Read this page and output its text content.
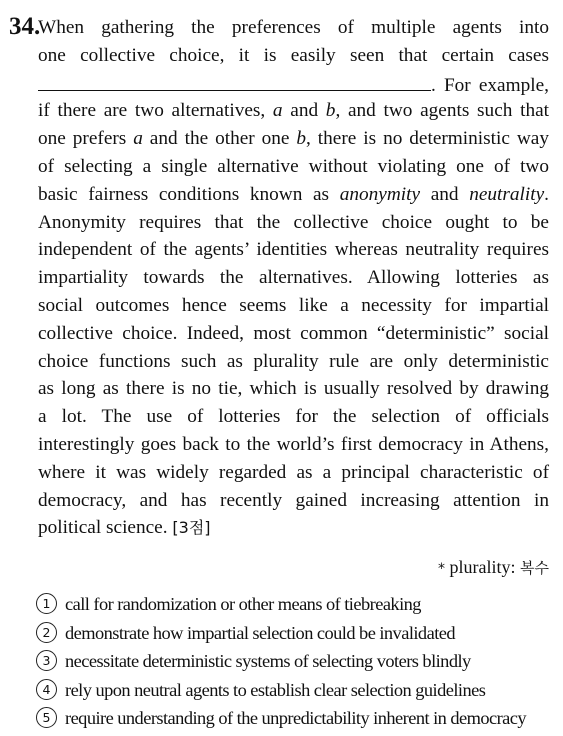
34.
When gathering the preferences of multiple agents into
one collective choice, it is easily seen that certain cases
. For example,
if there are two alternatives, a and b, and two agents such that
one prefers a and the other one b, there is no deterministic way
of selecting a single alternative without violating one of two
basic fairness conditions known as anonymity and neutrality.
Anonymity requires that the collective choice ought to be
independent of the agents’ identities whereas neutrality requires
impartiality towards the alternatives. Allowing lotteries as
social outcomes hence seems like a necessity for impartial
collective choice. Indeed, most common “deterministic” social
choice functions such as plurality rule are only deterministic
as long as there is no tie, which is usually resolved by drawing
a lot. The use of lotteries for the selection of officials
interestingly goes back to the world’s first democracy in Athens,
where it was widely regarded as a principal characteristic of
democracy, and has recently gained increasing attention in
political science. [3점]
* plurality: 복수
1 call for randomization or other means of tiebreaking
2 demonstrate how impartial selection could be invalidated
3 necessitate deterministic systems of selecting voters blindly
4 rely upon neutral agents to establish clear selection guidelines
5 require understanding of the unpredictability inherent in democracy
